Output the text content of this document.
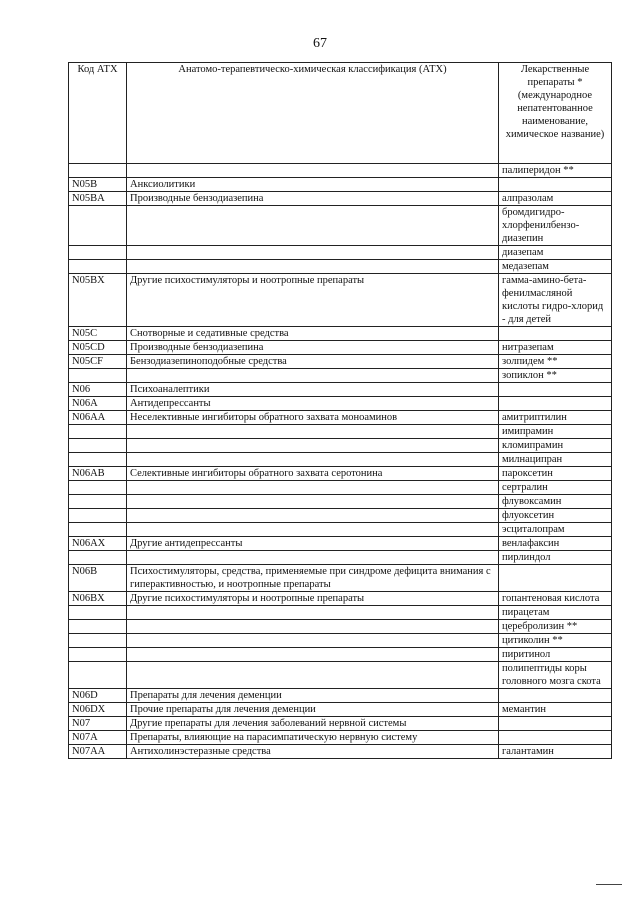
67
Код АТХ	Анатомо-терапевтическо-химическая классификация (АТХ)	Лекарственные препараты * (международное непатентованное наименование, химическое название)
		палиперидон **
N05B	Анксиолитики	
N05BA	Производные бензодиазепина	алпразолам
		бромдигидро-хлорфенилбензо-диазепин
		диазепам
		медазепам
N05BX	Другие психостимуляторы и ноотропные препараты	гамма-амино-бета-фенилмасляной кислоты гидро-хлорид - для детей
N05C	Снотворные и седативные средства	
N05CD	Производные бензодиазепина	нитразепам
N05CF	Бензодиазепиноподобные средства	золпидем **
		зопиклон **
N06	Психоаналептики	
N06A	Антидепрессанты	
N06AA	Неселективные ингибиторы обратного захвата моноаминов	амитриптилин
		имипрамин
		кломипрамин
		милнаципран
N06AB	Селективные ингибиторы обратного захвата серотонина	пароксетин
		сертралин
		флувоксамин
		флуоксетин
		эсциталопрам
N06AX	Другие антидепрессанты	венлафаксин
		пирлиндол
N06B	Психостимуляторы, средства, применяемые при синдроме дефицита внимания с гиперактивностью, и ноотропные препараты	
N06BX	Другие психостимуляторы и ноотропные препараты	гопантеновая кислота
		пирацетам
		церебролизин **
		цитиколин **
		пиритинол
		полипептиды коры головного мозга скота
N06D	Препараты для лечения деменции	
N06DX	Прочие препараты для лечения деменции	мемантин
N07	Другие препараты для лечения заболеваний нервной системы	
N07A	Препараты, влияющие на парасимпатическую нервную систему	
N07AA	Антихолинэстеразные средства	галантамин
